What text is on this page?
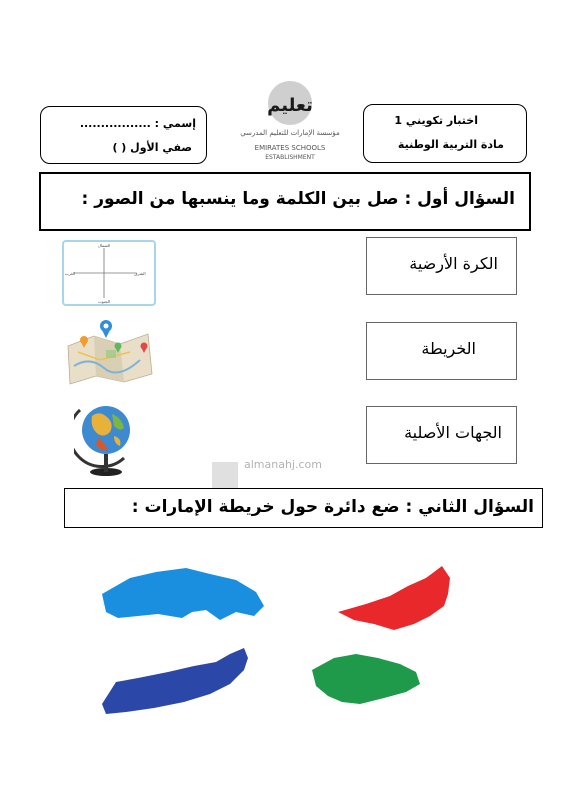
اختبار تكويني 1
مادة التربية الوطنية
إسمي : .................
صفي الأول ( )
تعليم
مؤسسة الإمارات للتعليم المدرسي
EMIRATES SCHOOLS
ESTABLISHMENT
السؤال أول : صل بين الكلمة وما ينسبها من الصور :
الكرة الأرضية
الخريطة
الجهات الأصلية
الشمال
الجنوب
الشرق
الغرب
almanahj.com
السؤال الثاني : ضع دائرة حول خريطة الإمارات :
